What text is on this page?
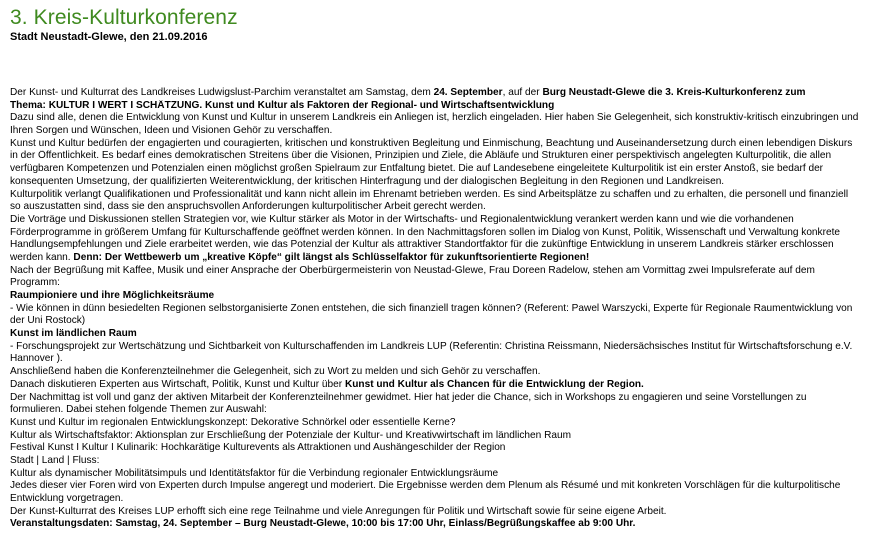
3. Kreis-Kulturkonferenz

Stadt Neustadt-Glewe, den 21.09.2016

Der Kunst- und Kulturrat des Landkreises Ludwigslust-Parchim veranstaltet am Samstag, dem 24. September, auf der Burg Neustadt-Glewe die 3. Kreis-Kulturkonferenz zum
Thema: KULTUR I WERT I SCHÄTZUNG. Kunst und Kultur als Faktoren der Regional- und Wirtschaftsentwicklung
Dazu sind alle, denen die Entwicklung von Kunst und Kultur in unserem Landkreis ein Anliegen ist, herzlich eingeladen. Hier haben Sie Gelegenheit, sich konstruktiv-kritisch einzubringen und
Ihren Sorgen und Wünschen, Ideen und Visionen Gehör zu verschaffen.
Kunst und Kultur bedürfen der engagierten und couragierten, kritischen und konstruktiven Begleitung und Einmischung, Beachtung und Auseinandersetzung durch einen lebendigen Diskurs
in der Öffentlichkeit. Es bedarf eines demokratischen Streitens über die Visionen, Prinzipien und Ziele, die Abläufe und Strukturen einer perspektivisch angelegten Kulturpolitik, die allen
verfügbaren Kompetenzen und Potenzialen einen möglichst großen Spielraum zur Entfaltung bietet. Die auf Landesebene eingeleitete Kulturpolitik ist ein erster Anstoß, sie bedarf der
konsequenten Umsetzung, der qualifizierten Weiterentwicklung, der kritischen Hinterfragung und der dialogischen Begleitung in den Regionen und Landkreisen.
Kulturpolitik verlangt Qualifikationen und Professionalität und kann nicht allein im Ehrenamt betrieben werden. Es sind Arbeitsplätze zu schaffen und zu erhalten, die personell und finanziell
so auszustatten sind, dass sie den anspruchsvollen Anforderungen kulturpolitischer Arbeit gerecht werden.
Die Vorträge und Diskussionen stellen Strategien vor, wie Kultur stärker als Motor in der Wirtschafts- und Regionalentwicklung verankert werden kann und wie die vorhandenen
Förderprogramme in größerem Umfang für Kulturschaffende geöffnet werden können. In den Nachmittagsforen sollen im Dialog von Kunst, Politik, Wissenschaft und Verwaltung konkrete
Handlungsempfehlungen und Ziele erarbeitet werden, wie das Potenzial der Kultur als attraktiver Standortfaktor für die zukünftige Entwicklung in unserem Landkreis stärker erschlossen
werden kann. Denn: Der Wettbewerb um „kreative Köpfe“ gilt längst als Schlüsselfaktor für zukunftsorientierte Regionen!
Nach der Begrüßung mit Kaffee, Musik und einer Ansprache der Oberbürgermeisterin von Neustad-Glewe, Frau Doreen Radelow, stehen am Vormittag zwei Impulsreferate auf dem
Programm:
Raumpioniere und ihre Möglichkeitsräume
- Wie können in dünn besiedelten Regionen selbstorganisierte Zonen entstehen, die sich finanziell tragen können? (Referent: Pawel Warszycki, Experte für Regionale Raumentwicklung von
der Uni Rostock)
Kunst im ländlichen Raum
- Forschungsprojekt zur Wertschätzung und Sichtbarkeit von Kulturschaffenden im Landkreis LUP (Referentin: Christina Reissmann, Niedersächsisches Institut für Wirtschaftsforschung e.V.
Hannover ).
Anschließend haben die Konferenzteilnehmer die Gelegenheit, sich zu Wort zu melden und sich Gehör zu verschaffen.
Danach diskutieren Experten aus Wirtschaft, Politik, Kunst und Kultur über Kunst und Kultur als Chancen für die Entwicklung der Region.
Der Nachmittag ist voll und ganz der aktiven Mitarbeit der Konferenzteilnehmer gewidmet. Hier hat jeder die Chance, sich in Workshops zu engagieren und seine Vorstellungen zu
formulieren. Dabei stehen folgende Themen zur Auswahl:
Kunst und Kultur im regionalen Entwicklungskonzept: Dekorative Schnörkel oder essentielle Kerne?
Kultur als Wirtschaftsfaktor: Aktionsplan zur Erschließung der Potenziale der Kultur- und Kreativwirtschaft im ländlichen Raum
Festival Kunst I Kultur I Kulinarik: Hochkarätige Kulturevents als Attraktionen und Aushängeschilder der Region
Stadt | Land | Fluss:
Kultur als dynamischer Mobilitätsimpuls und Identitätsfaktor für die Verbindung regionaler Entwicklungsräume
Jedes dieser vier Foren wird von Experten durch Impulse angeregt und moderiert. Die Ergebnisse werden dem Plenum als Résumé und mit konkreten Vorschlägen für die kulturpolitische
Entwicklung vorgetragen.
Der Kunst-Kulturrat des Kreises LUP erhofft sich eine rege Teilnahme und viele Anregungen für Politik und Wirtschaft sowie für seine eigene Arbeit.
Veranstaltungsdaten: Samstag, 24. September – Burg Neustadt-Glewe, 10:00 bis 17:00 Uhr, Einlass/Begrüßungskaffee ab 9:00 Uhr.
